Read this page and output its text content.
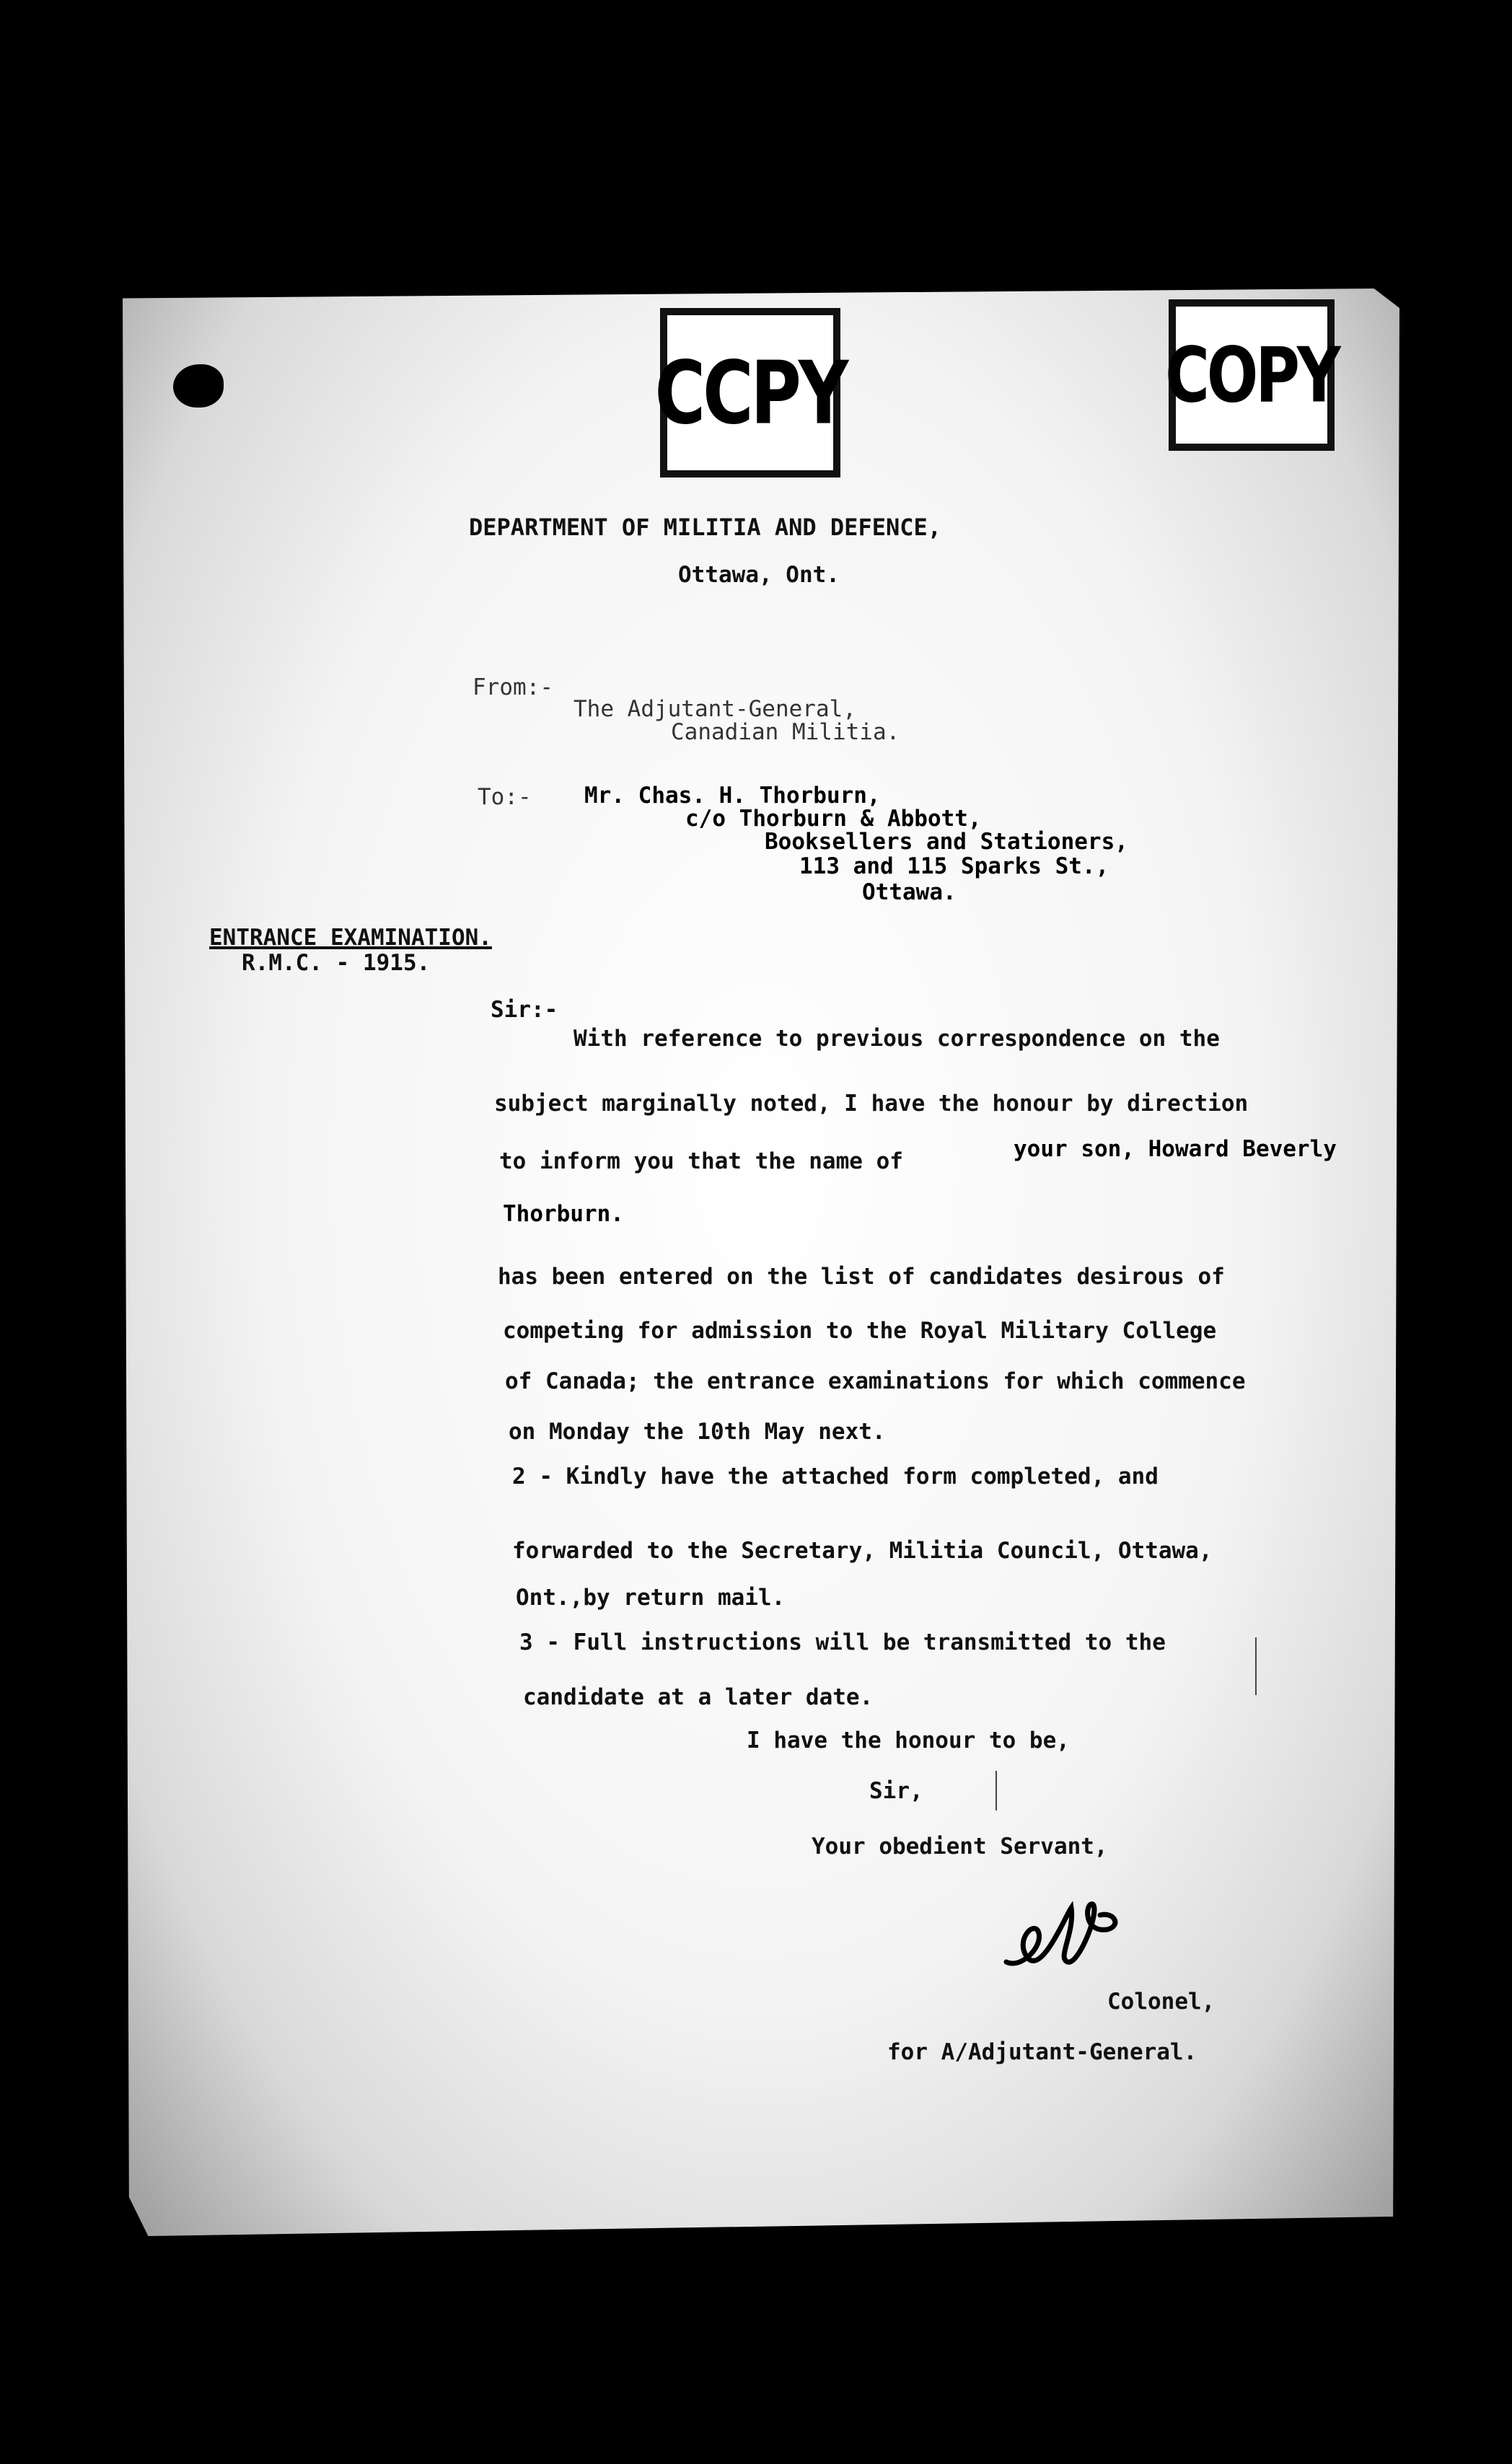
CCPY	COPY
DEPARTMENT OF MILITIA AND DEFENCE,
Ottawa, Ont.
From:-
The Adjutant-General,
Canadian Militia.
To:- Mr. Chas. H. Thorburn,
c/o Thorburn & Abbott,
Booksellers and Stationers,
113 and 115 Sparks St.,
Ottawa.
ENTRANCE EXAMINATION.
R.M.C. - 1915.
Sir:-
With reference to previous correspondence on the
subject marginally noted, I have the honour by direction
to inform you that the name of	your son, Howard Beverly
Thorburn.
has been entered on the list of candidates desirous of
competing for admission to the Royal Military College
of Canada; the entrance examinations for which commence
on Monday the 10th May next.
2 - Kindly have the attached form completed, and
forwarded to the Secretary, Militia Council, Ottawa,
Ont.,by return mail.
3 - Full instructions will be transmitted to the
candidate at a later date.
I have the honour to be,
Sir,
Your obedient Servant,
Colonel,
for A/Adjutant-General.
